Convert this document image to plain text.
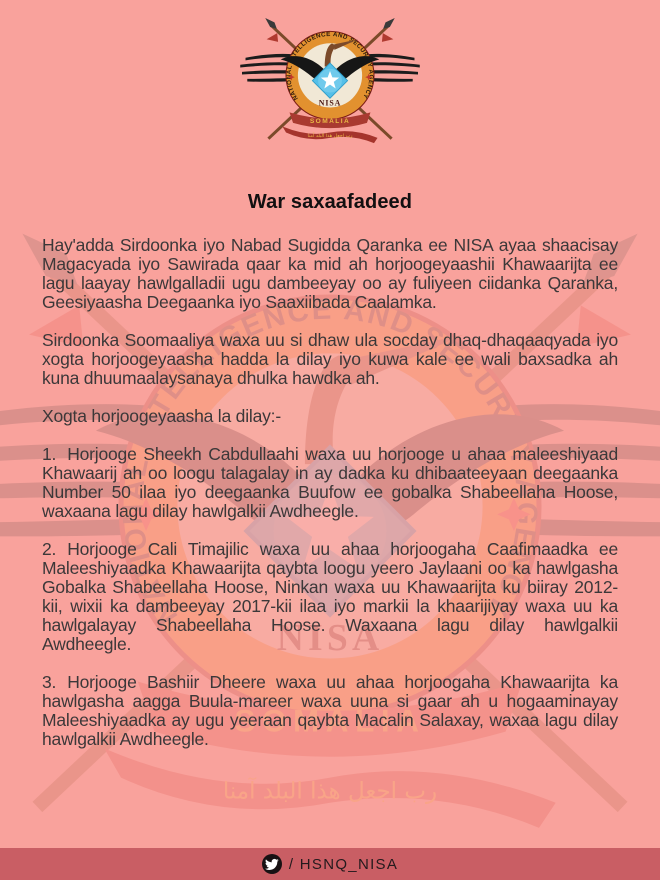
War saxaafadeed

Hay'adda Sirdoonka iyo Nabad Sugidda Qaranka ee NISA ayaa shaacisay Magacyada iyo Sawirada qaar ka mid ah horjoogeyaashii Khawaarijta ee lagu laayay hawlgalladii ugu dambeeyay oo ay fuliyeen ciidanka Qaranka, Geesiyaasha Deegaanka iyo Saaxiibada Caalamka.

Sirdoonka Soomaaliya waxa uu si dhaw ula socday dhaq-dhaqaaqyada iyo xogta horjoogeyaasha hadda la dilay iyo kuwa kale ee wali baxsadka ah kuna dhuumaalaysanaya dhulka hawdka ah.

Xogta horjoogeyaasha la dilay:-

1. Horjooge Sheekh Cabdullaahi waxa uu horjooge u ahaa maleeshiyaad Khawaarij ah oo loogu talagalay in ay dadka ku dhibaateeyaan deegaanka Number 50 ilaa iyo deegaanka Buufow ee gobalka Shabeellaha Hoose, waxaana lagu dilay hawlgalkii Awdheegle.

2. Horjooge Cali Timajilic waxa uu ahaa horjoogaha Caafimaadka ee Maleeshiyaadka Khawaarijta qaybta loogu yeero Jaylaani oo ka hawlgasha Gobalka Shabeellaha Hoose, Ninkan waxa uu Khawaarijta ku biiray 2012-kii, wixii ka dambeeyay 2017-kii ilaa iyo markii la khaarijiyay waxa uu ka hawlgalayay Shabeellaha Hoose. Waxaana lagu dilay hawlgalkii Awdheegle.

3. Horjooge Bashiir Dheere waxa uu ahaa horjoogaha Khawaarijta ka hawlgasha aagga Buula-mareer waxa uuna si gaar ah u hogaaminayay Maleeshiyaadka ay ugu yeeraan qaybta Macalin Salaxay, waxaa lagu dilay hawlgalkii Awdheegle.

/ HSNQ_NISA
